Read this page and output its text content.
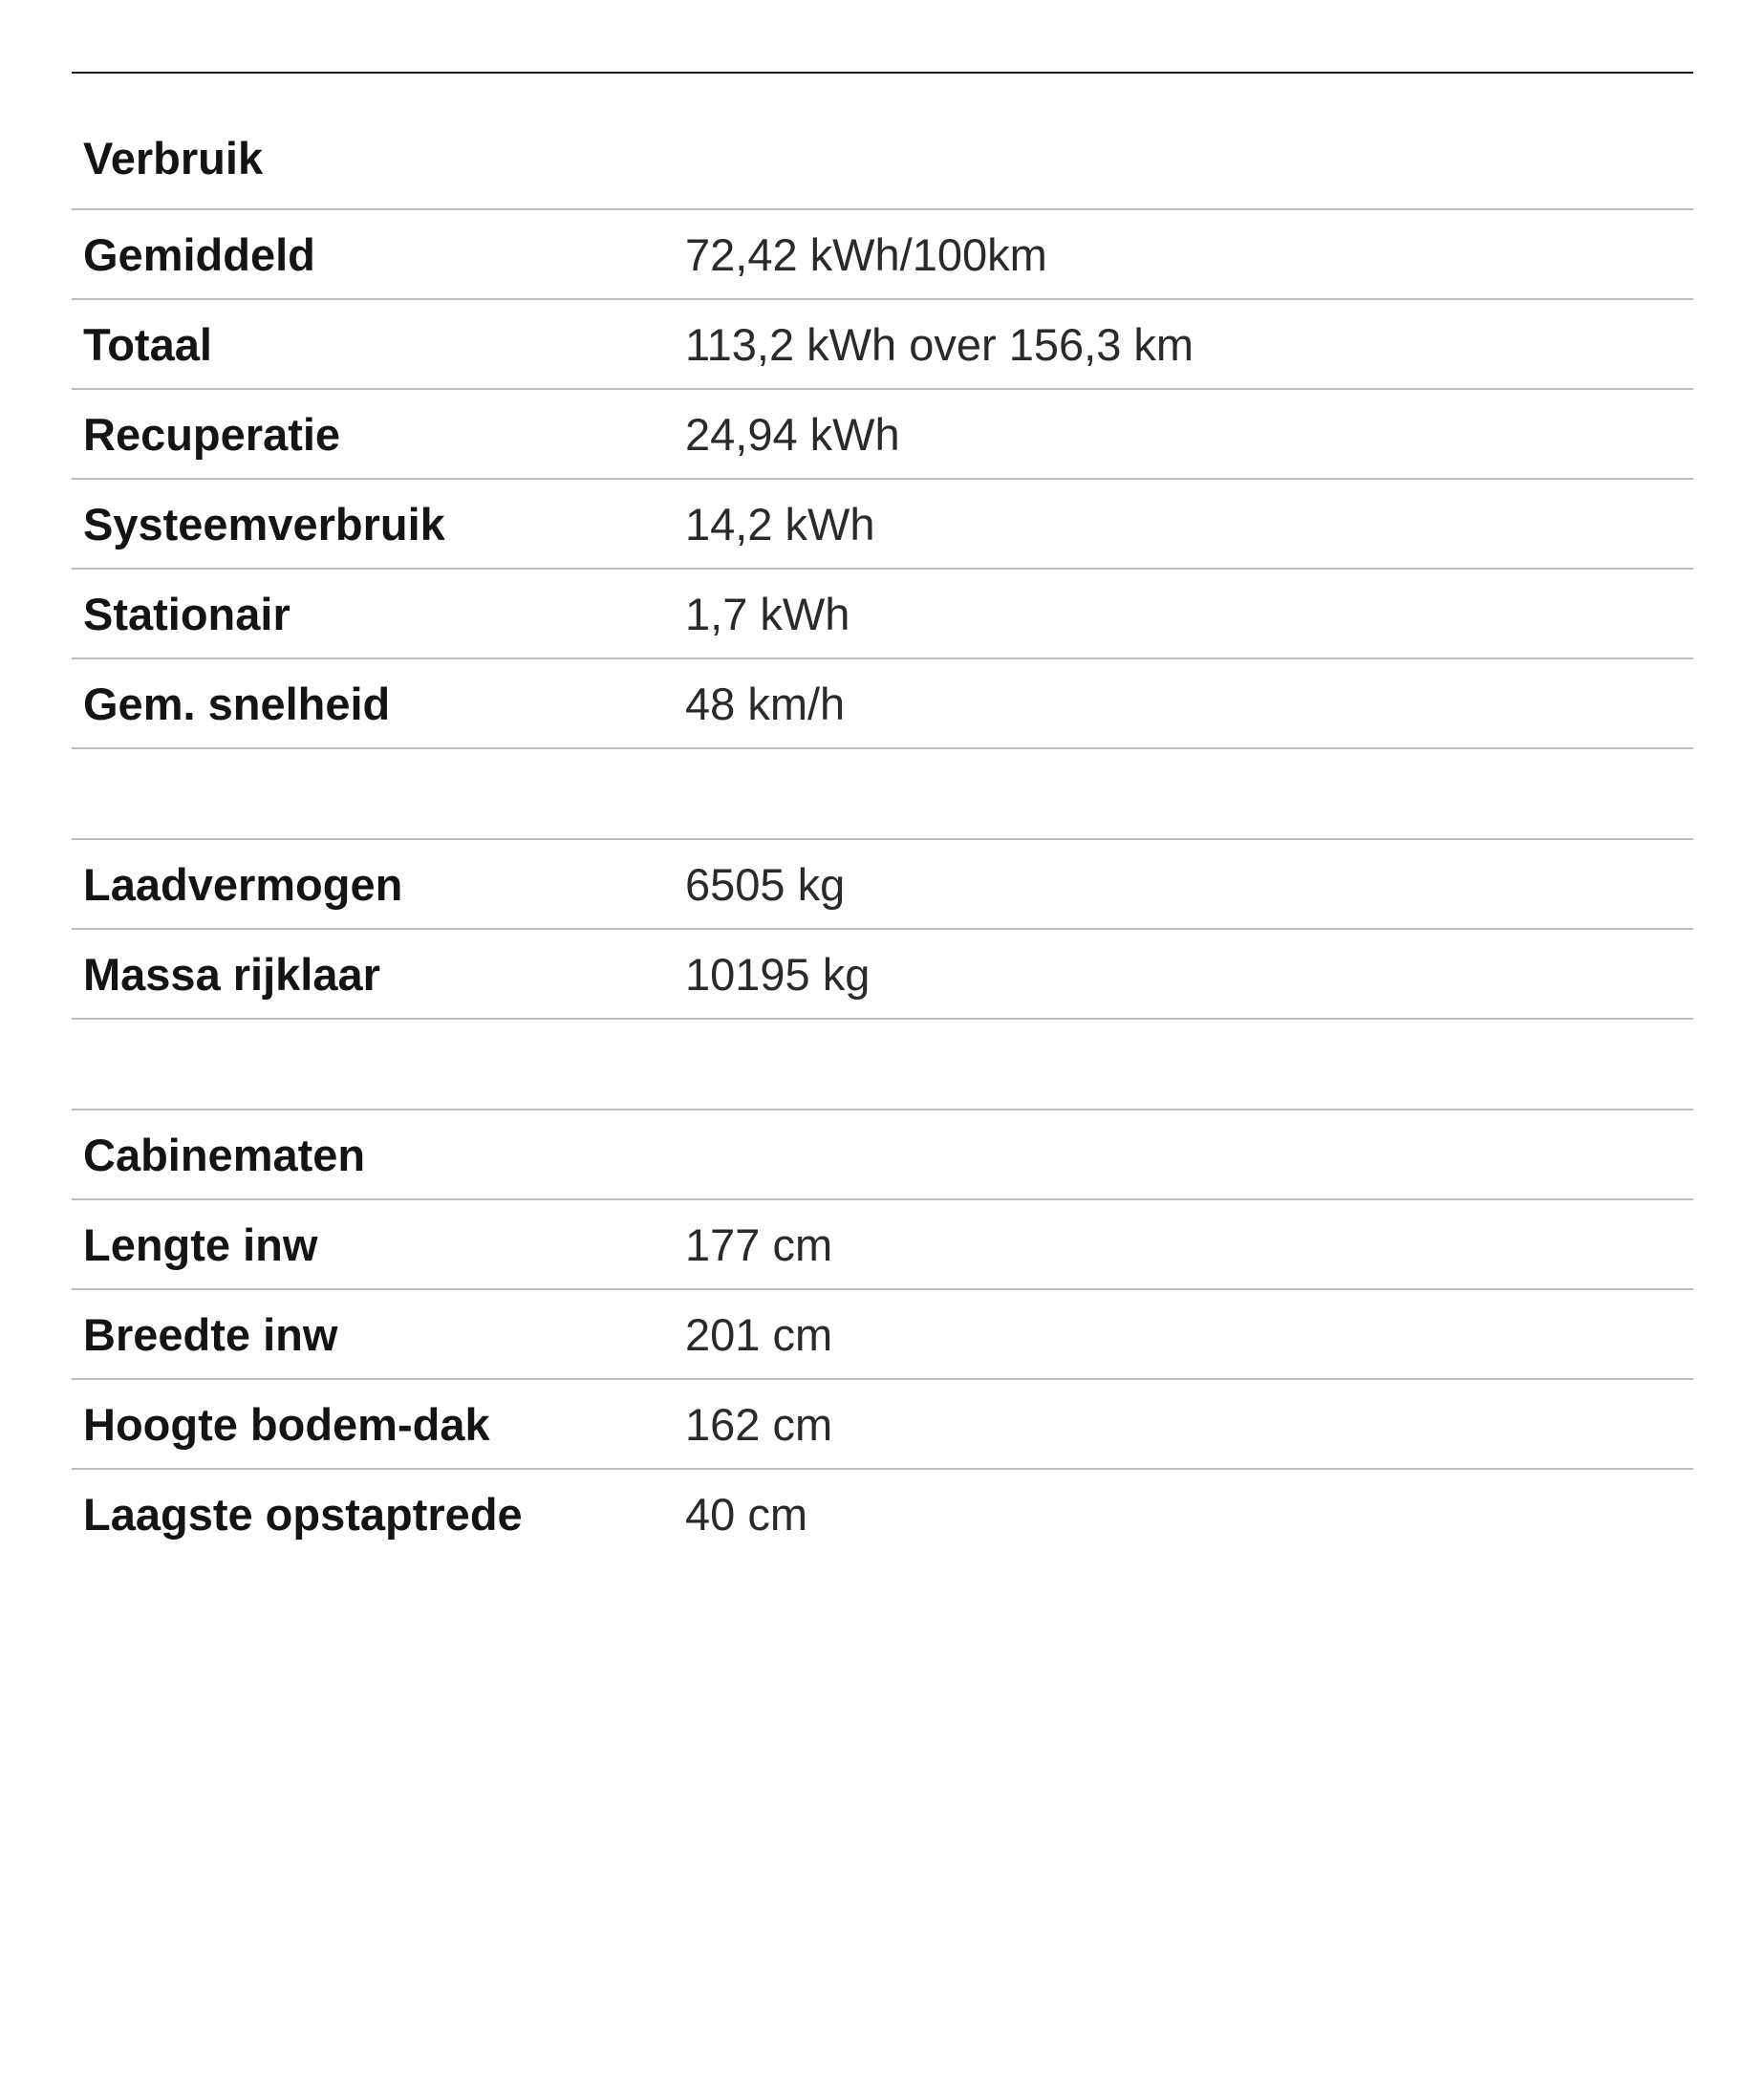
Verbruik
Gemiddeld	72,42 kWh/100km
Totaal	113,2 kWh over 156,3 km
Recuperatie	24,94 kWh
Systeemverbruik	14,2 kWh
Stationair	1,7 kWh
Gem. snelheid	48 km/h
Laadvermogen	6505 kg
Massa rijklaar	10195 kg
Cabinematen
Lengte inw	177 cm
Breedte inw	201 cm
Hoogte bodem-dak	162 cm
Laagste opstaptrede	40 cm
